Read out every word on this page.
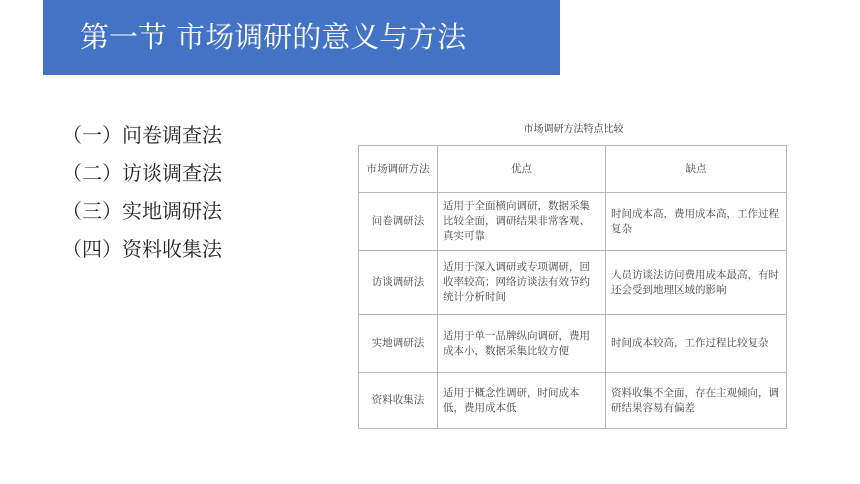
第一节 市场调研的意义与方法
（一）问卷调查法
（二）访谈调查法
（三）实地调研法
（四）资料收集法
市场调研方法特点比较
市场调研方法	优点	缺点
问卷调研法	适用于全面横向调研，数据采集比较全面，调研结果非常客观、真实可靠	时间成本高，费用成本高，工作过程复杂
访谈调研法	适用于深入调研或专项调研，回收率较高；网络访谈法有效节约统计分析时间	人员访谈法访问费用成本最高，有时还会受到地理区域的影响
实地调研法	适用于单一品牌纵向调研，费用成本小，数据采集比较方便	时间成本较高，工作过程比较复杂
资料收集法	适用于概念性调研，时间成本低，费用成本低	资料收集不全面，存在主观倾向，调研结果容易有偏差
